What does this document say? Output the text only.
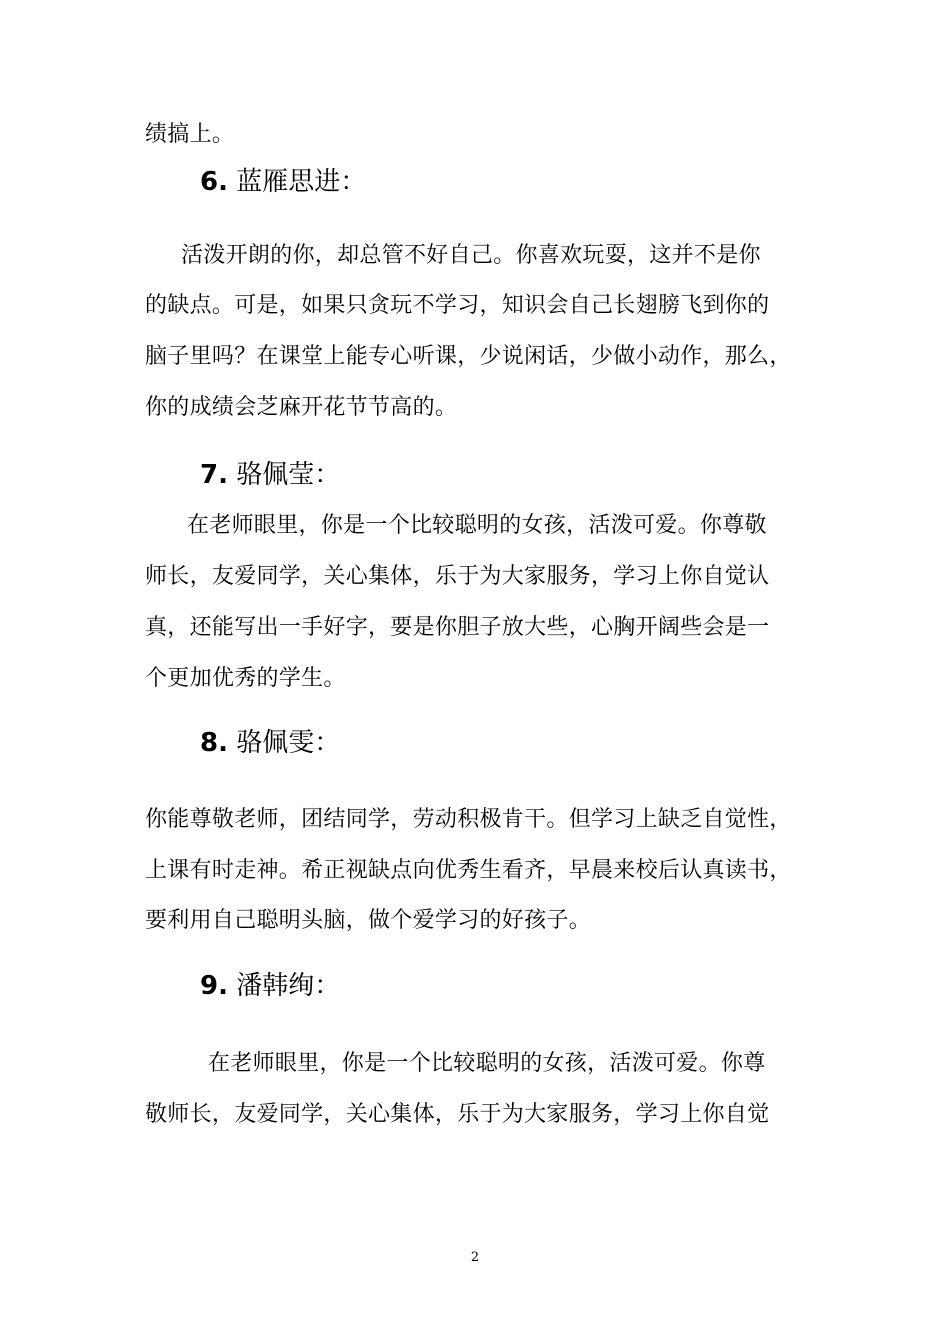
绩搞上。
6. 蓝雁思进：
活泼开朗的你，却总管不好自己。你喜欢玩耍，这并不是你
的缺点。可是，如果只贪玩不学习，知识会自己长翅膀飞到你的
脑子里吗？在课堂上能专心听课，少说闲话，少做小动作，那么，
你的成绩会芝麻开花节节高的。
7. 骆佩莹：
在老师眼里，你是一个比较聪明的女孩，活泼可爱。你尊敬
师长，友爱同学，关心集体，乐于为大家服务，学习上你自觉认
真，还能写出一手好字，要是你胆子放大些，心胸开阔些会是一
个更加优秀的学生。
8. 骆佩雯：
你能尊敬老师，团结同学，劳动积极肯干。但学习上缺乏自觉性，
上课有时走神。希正视缺点向优秀生看齐，早晨来校后认真读书，
要利用自己聪明头脑，做个爱学习的好孩子。
9. 潘韩绚：
在老师眼里，你是一个比较聪明的女孩，活泼可爱。你尊
敬师长，友爱同学，关心集体，乐于为大家服务，学习上你自觉
2
